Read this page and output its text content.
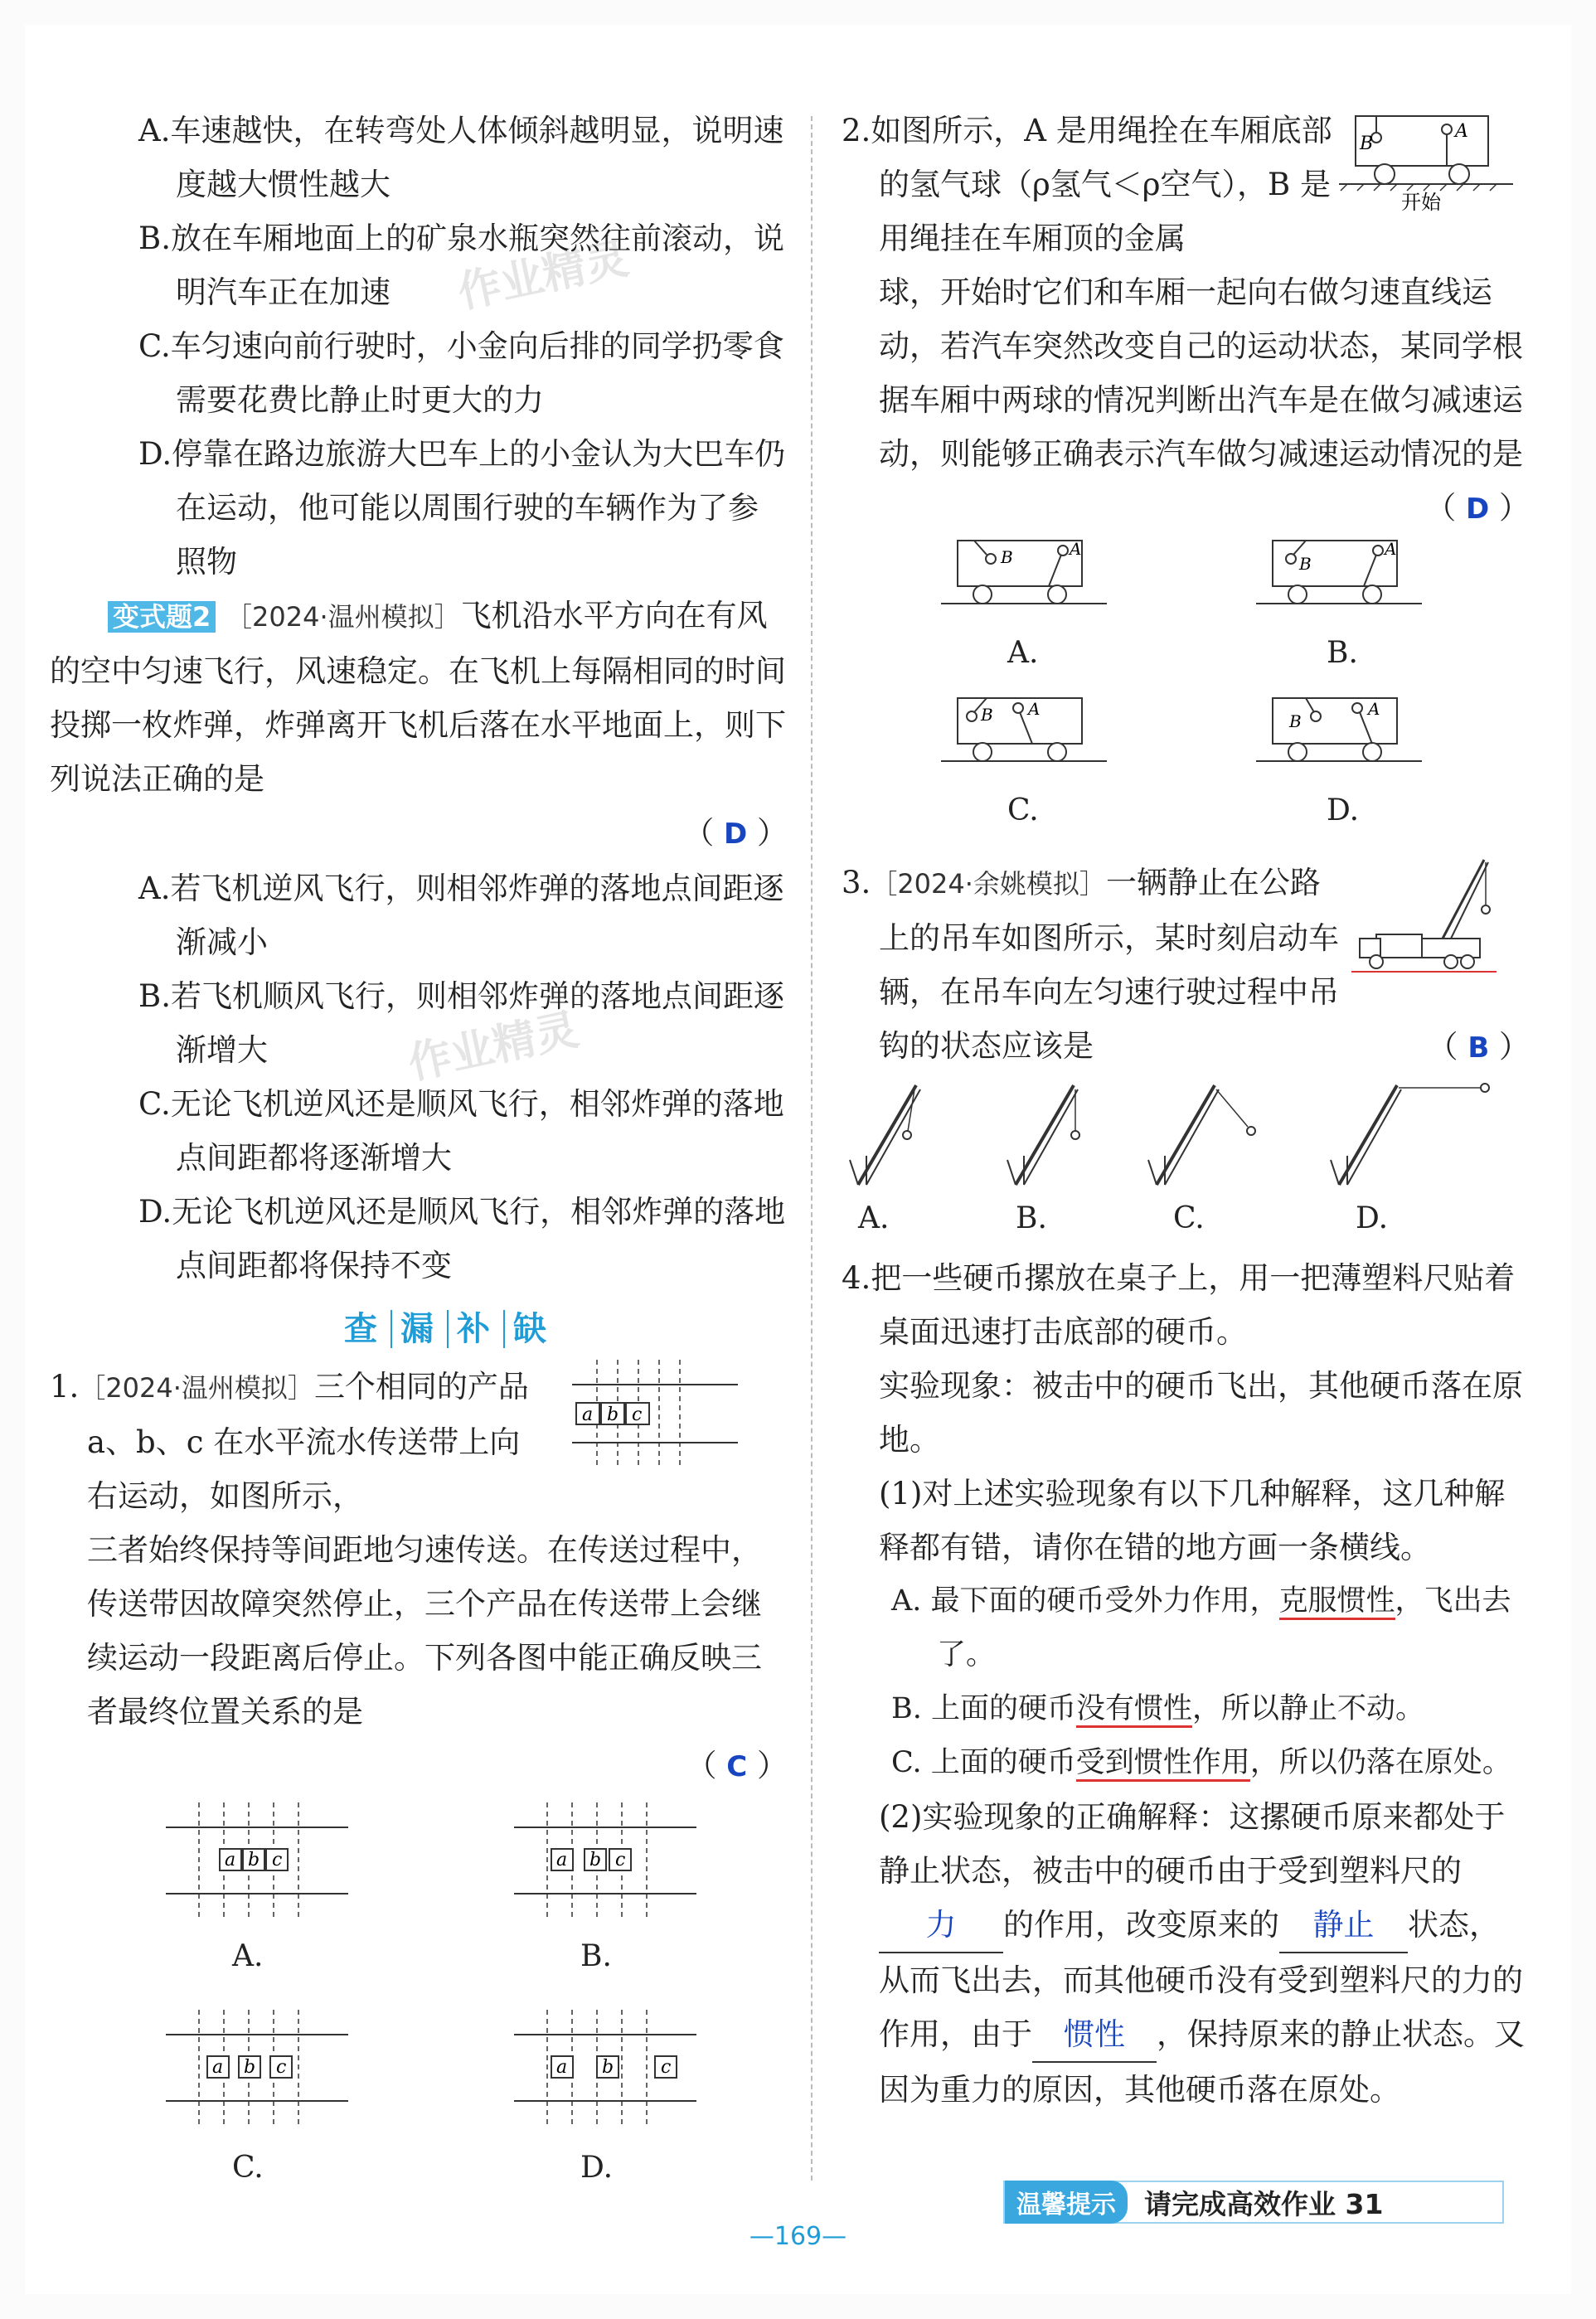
作业精灵
作业精灵

A.车速越快，在转弯处人体倾斜越明显，说明速度越大惯性越大

B.放在车厢地面上的矿泉水瓶突然往前滚动，说明汽车正在加速

C.车匀速向前行驶时，小金向后排的同学扔零食需要花费比静止时更大的力

D.停靠在路边旅游大巴车上的小金认为大巴车仍在运动，他可能以周围行驶的车辆作为了参照物

变式题2 ［2024·温州模拟］飞机沿水平方向在有风的空中匀速飞行，风速稳定。在飞机上每隔相同的时间投掷一枚炸弹，炸弹离开飞机后落在水平地面上，则下列说法正确的是

（ D ）

A.若飞机逆风飞行，则相邻炸弹的落地点间距逐渐减小

B.若飞机顺风飞行，则相邻炸弹的落地点间距逐渐增大

C.无论飞机逆风还是顺风飞行，相邻炸弹的落地点间距都将逐渐增大

D.无论飞机逆风还是顺风飞行，相邻炸弹的落地点间距都将保持不变

查 漏 补 缺

1.［2024·温州模拟］三个相同的产品 a、b、c 在水平流水传送带上向右运动，如图所示，

a b c

三者始终保持等间距地匀速传送。在传送过程中，传送带因故障突然停止，三个产品在传送带上会继续运动一段距离后停止。下列各图中能正确反映三者最终位置关系的是

（ C ）

a b c
A.
a b c
B.
a b c
C.
a b	c
D.

2.如图所示，A 是用绳拴在车厢底部的氢气球（ρ氢气＜ρ空气），B 是用绳挂在车厢顶的金属

B
A
开始

球，开始时它们和车厢一起向右做匀速直线运动，若汽车突然改变自己的运动状态，某同学根据车厢中两球的情况判断出汽车是在做匀减速运动，则能够正确表示汽车做匀减速运动情况的是

（ D ）

B	A
A.
B
A
B.
B A
C.
B
A
D.

3.［2024·余姚模拟］一辆静止在公路上的吊车如图所示，某时刻启动车辆，在吊车向左匀速行驶过程中吊钩的状态应该是	（ B ）
A.	B.	C.	D.

4.把一些硬币摞放在桌子上，用一把薄塑料尺贴着桌面迅速打击底部的硬币。

实验现象：被击中的硬币飞出，其他硬币落在原地。

(1)对上述实验现象有以下几种解释，这几种解释都有错，请你在错的地方画一条横线。

A. 最下面的硬币受外力作用，克服惯性，飞出去了。

B. 上面的硬币没有惯性，所以静止不动。

C. 上面的硬币受到惯性作用，所以仍落在原处。

(2)实验现象的正确解释：这摞硬币原来都处于静止状态，被击中的硬币由于受到塑料尺的力 的作用，改变原来的 静止 状态，从而飞出去，而其他硬币没有受到塑料尺的力的作用，由于 惯性 ，保持原来的静止状态。又因为重力的原因，其他硬币落在原处。

温馨提示	请完成高效作业 31
—169—
